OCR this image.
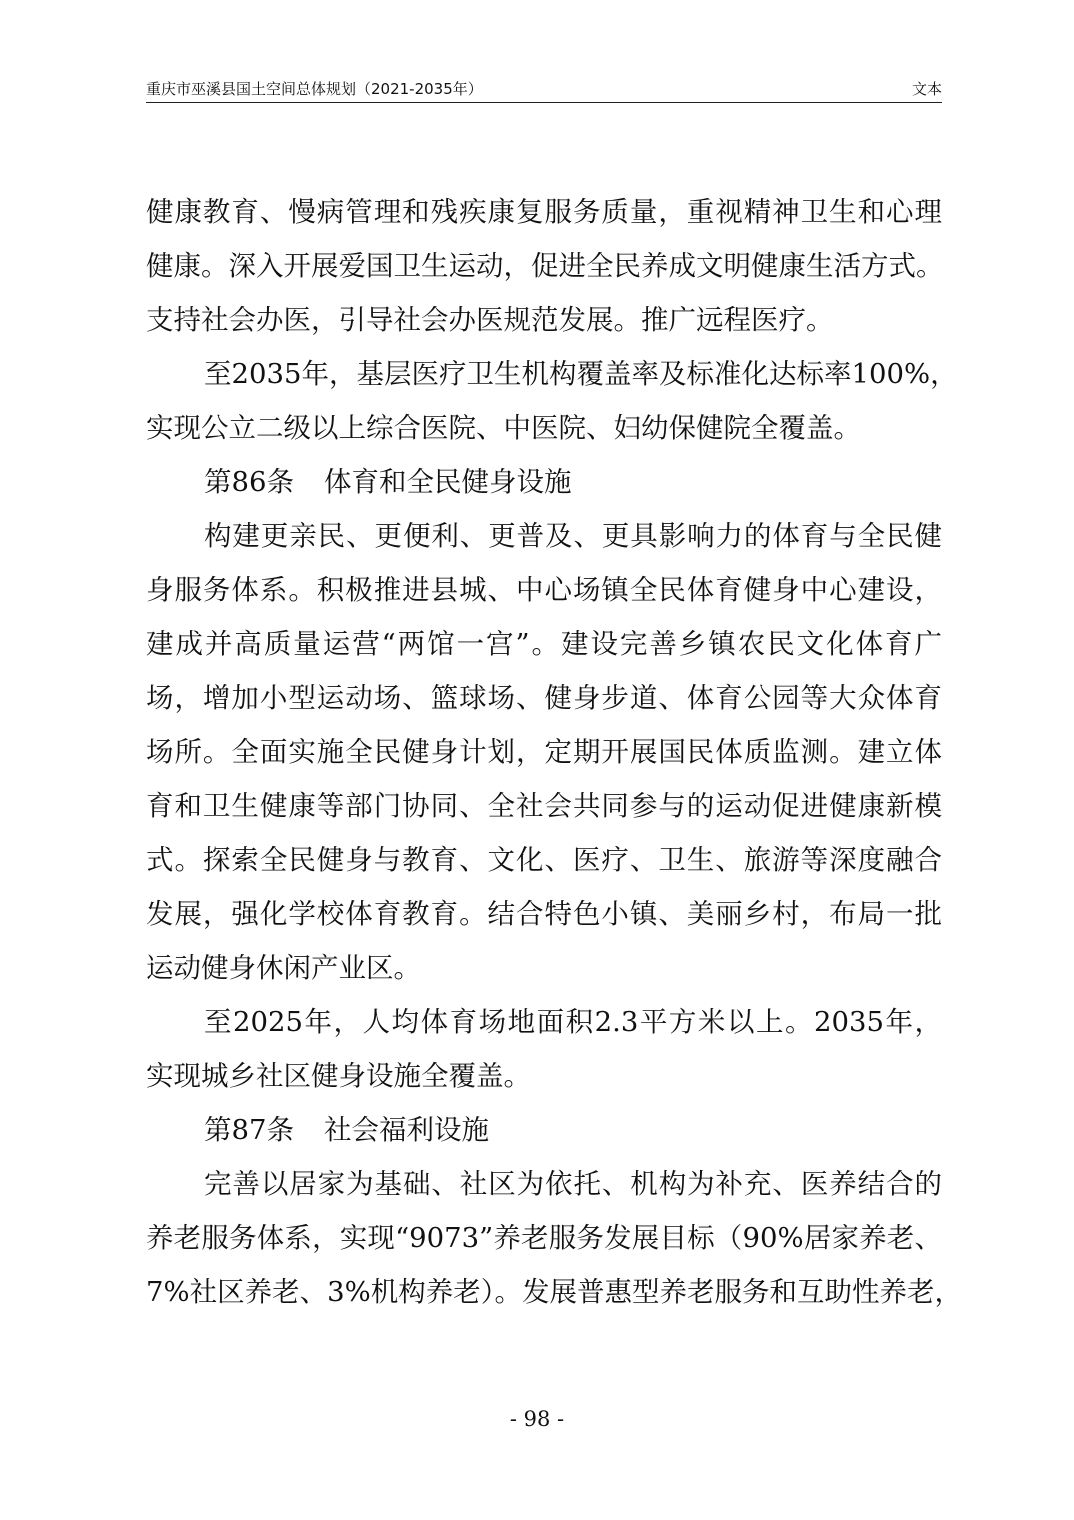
重庆市巫溪县国土空间总体规划（2021-2035年）	文本
健康教育、慢病管理和残疾康复服务质量，重视精神卫生和心理
健康。深入开展爱国卫生运动，促进全民养成文明健康生活方式。
支持社会办医，引导社会办医规范发展。推广远程医疗。
至2035年，基层医疗卫生机构覆盖率及标准化达标率100%，
实现公立二级以上综合医院、中医院、妇幼保健院全覆盖。
第86条 体育和全民健身设施
构建更亲民、更便利、更普及、更具影响力的体育与全民健
身服务体系。积极推进县城、中心场镇全民体育健身中心建设，
建成并高质量运营“两馆一宫”。建设完善乡镇农民文化体育广
场，增加小型运动场、篮球场、健身步道、体育公园等大众体育
场所。全面实施全民健身计划，定期开展国民体质监测。建立体
育和卫生健康等部门协同、全社会共同参与的运动促进健康新模
式。探索全民健身与教育、文化、医疗、卫生、旅游等深度融合
发展，强化学校体育教育。结合特色小镇、美丽乡村，布局一批
运动健身休闲产业区。
至2025年，人均体育场地面积2.3平方米以上。2035年，
实现城乡社区健身设施全覆盖。
第87条 社会福利设施
完善以居家为基础、社区为依托、机构为补充、医养结合的
养老服务体系，实现“9073”养老服务发展目标（90%居家养老、
7%社区养老、3%机构养老）。发展普惠型养老服务和互助性养老，
- 98 -
